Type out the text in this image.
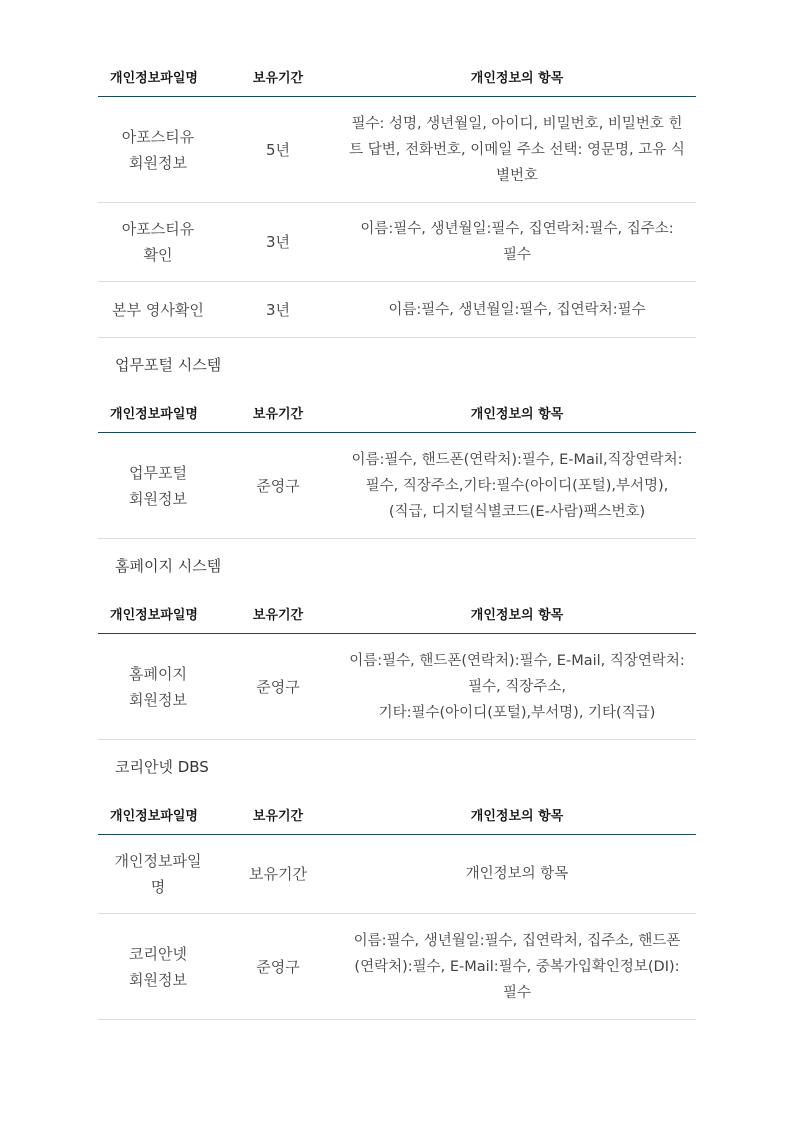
개인정보파일명	보유기간	개인정보의 항목
아포스티유
회원정보	5년	필수: 성명, 생년월일, 아이디, 비밀번호, 비밀번호 힌트 답변, 전화번호, 이메일 주소 선택: 영문명, 고유 식별번호
아포스티유
확인	3년	이름:필수, 생년월일:필수, 집연락처:필수, 집주소:
필수
본부 영사확인	3년	이름:필수, 생년월일:필수, 집연락처:필수
업무포털 시스템
개인정보파일명	보유기간	개인정보의 항목
업무포털
회원정보	준영구	이름:필수, 핸드폰(연락처):필수, E-Mail,직장연락처:
필수, 직장주소,기타:필수(아이디(포털),부서명),
(직급, 디지털식별코드(E-사람)팩스번호)
홈페이지 시스템
개인정보파일명	보유기간	개인정보의 항목
홈페이지
회원정보	준영구	이름:필수, 핸드폰(연락처):필수, E-Mail, 직장연락처:
필수, 직장주소,
기타:필수(아이디(포털),부서명), 기타(직급)
코리안넷 DBS
개인정보파일명	보유기간	개인정보의 항목
개인정보파일
명	보유기간	개인정보의 항목
코리안넷
회원정보	준영구	이름:필수, 생년월일:필수, 집연락처, 집주소, 핸드폰
(연락처):필수, E-Mail:필수, 중복가입확인정보(DI):
필수
